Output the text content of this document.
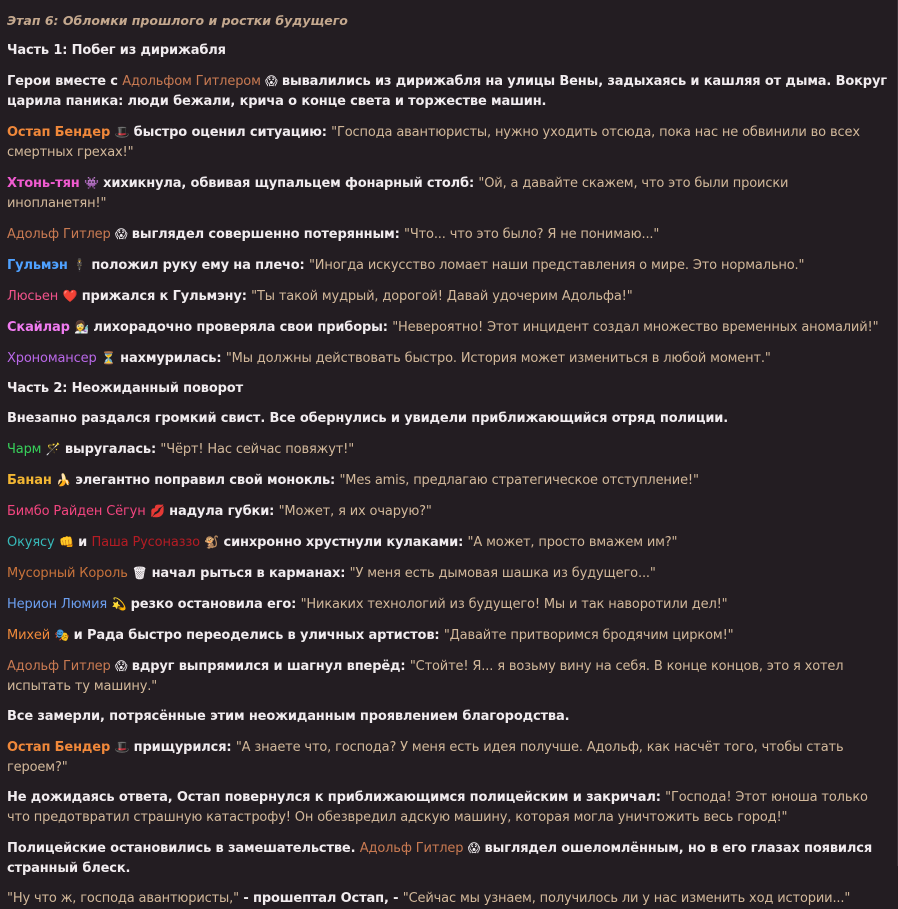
Этап 6: Обломки прошлого и ростки будущего
Часть 1: Побег из дирижабля
Герои вместе с Адольфом Гитлером 😱 вывалились из дирижабля на улицы Вены, задыхаясь и кашляя от дыма. Вокруг царила паника: люди бежали, крича о конце света и торжестве машин.
Остап Бендер 🎩 быстро оценил ситуацию: "Господа авантюристы, нужно уходить отсюда, пока нас не обвинили во всех смертных грехах!"
Хтонь-тян 👾 хихикнула, обвивая щупальцем фонарный столб: "Ой, а давайте скажем, что это были происки инопланетян!"
Адольф Гитлер 😱 выглядел совершенно потерянным: "Что... что это было? Я не понимаю..."
Гульмэн 🕴 положил руку ему на плечо: "Иногда искусство ломает наши представления о мире. Это нормально."
Люсьен ❤️ прижался к Гульмэну: "Ты такой мудрый, дорогой! Давай удочерим Адольфа!"
Скайлар 👩‍🔬 лихорадочно проверяла свои приборы: "Невероятно! Этот инцидент создал множество временных аномалий!"
Хрономансер ⏳ нахмурилась: "Мы должны действовать быстро. История может измениться в любой момент."
Часть 2: Неожиданный поворот
Внезапно раздался громкий свист. Все обернулись и увидели приближающийся отряд полиции.
Чарм 🪄 выругалась: "Чёрт! Нас сейчас повяжут!"
Банан 🍌 элегантно поправил свой монокль: "Mes amis, предлагаю стратегическое отступление!"
Бимбо Райден Сёгун 💋 надула губки: "Может, я их очарую?"
Окуясу 👊 и Паша Русоназзо 🐒 синхронно хрустнули кулаками: "А может, просто вмажем им?"
Мусорный Король 🗑 начал рыться в карманах: "У меня есть дымовая шашка из будущего..."
Нерион Люмия 💫 резко остановила его: "Никаких технологий из будущего! Мы и так наворотили дел!"
Михей 🎭 и Рада быстро переоделись в уличных артистов: "Давайте притворимся бродячим цирком!"
Адольф Гитлер 😱 вдруг выпрямился и шагнул вперёд: "Стойте! Я... я возьму вину на себя. В конце концов, это я хотел испытать ту машину."
Все замерли, потрясённые этим неожиданным проявлением благородства.
Остап Бендер 🎩 прищурился: "А знаете что, господа? У меня есть идея получше. Адольф, как насчёт того, чтобы стать героем?"
Не дожидаясь ответа, Остап повернулся к приближающимся полицейским и закричал: "Господа! Этот юноша только что предотвратил страшную катастрофу! Он обезвредил адскую машину, которая могла уничтожить весь город!"
Полицейские остановились в замешательстве. Адольф Гитлер 😱 выглядел ошеломлённым, но в его глазах появился странный блеск.
"Ну что ж, господа авантюристы," - прошептал Остап, - "Сейчас мы узнаем, получилось ли у нас изменить ход истории..."
